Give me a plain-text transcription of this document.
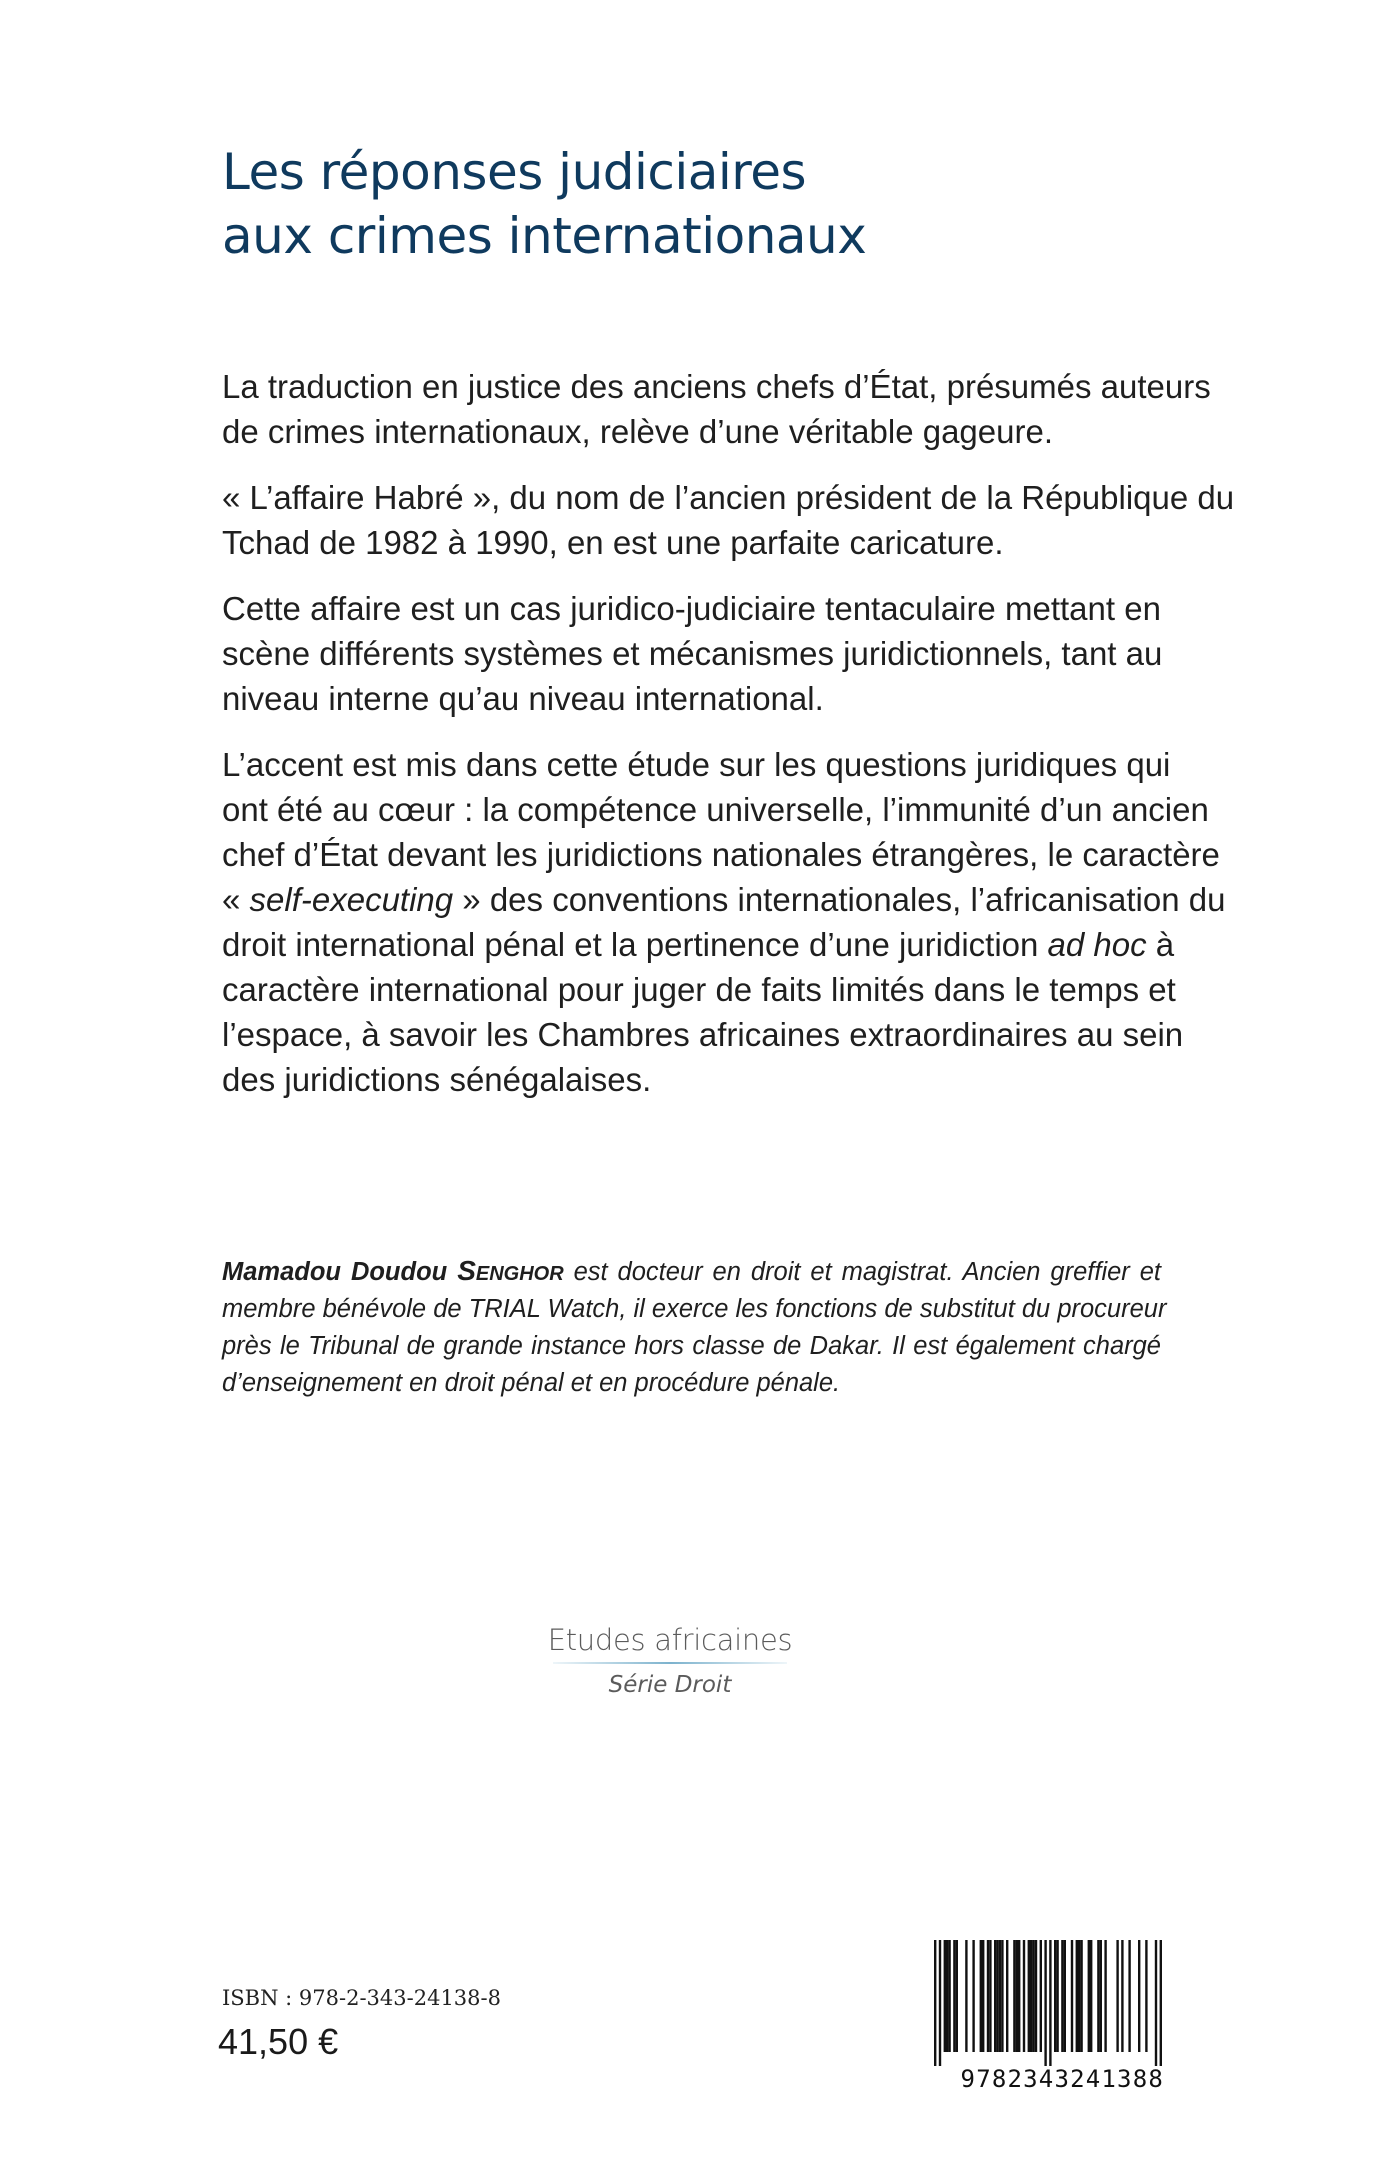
Les réponses judiciaires
aux crimes internationaux

La traduction en justice des anciens chefs d’État, présumés auteurs
de crimes internationaux, relève d’une véritable gageure.

« L’affaire Habré », du nom de l’ancien président de la République du
Tchad de 1982 à 1990, en est une parfaite caricature.

Cette affaire est un cas juridico-judiciaire tentaculaire mettant en
scène différents systèmes et mécanismes juridictionnels, tant au
niveau interne qu’au niveau international.

L’accent est mis dans cette étude sur les questions juridiques qui
ont été au cœur : la compétence universelle, l’immunité d’un ancien
chef d’État devant les juridictions nationales étrangères, le caractère
« self-executing » des conventions internationales, l’africanisation du
droit international pénal et la pertinence d’une juridiction ad hoc à
caractère international pour juger de faits limités dans le temps et
l’espace, à savoir les Chambres africaines extraordinaires au sein
des juridictions sénégalaises.

Mamadou Doudou Senghor est docteur en droit et magistrat. Ancien greffier et
membre bénévole de TRIAL Watch, il exerce les fonctions de substitut du procureur
près le Tribunal de grande instance hors classe de Dakar. Il est également chargé
d’enseignement en droit pénal et en procédure pénale.
Etudes africaines
Série Droit
ISBN : 978-2-343-24138-8
41,50 €
9782343241388
